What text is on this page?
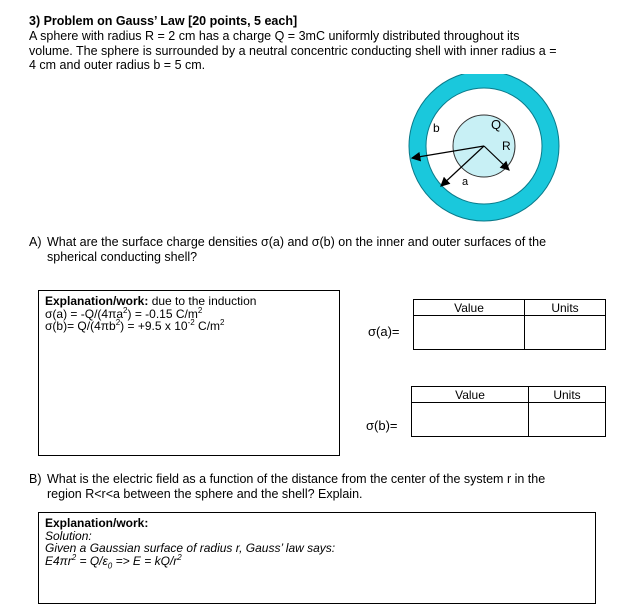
3) Problem on Gauss’ Law [20 points, 5 each]
A sphere with radius R = 2 cm has a charge Q = 3mC uniformly distributed throughout its
volume. The sphere is surrounded by a neutral concentric conducting shell with inner radius a =
4 cm and outer radius b = 5 cm.
b	Q
R
a
A) What are the surface charge densities σ(a) and σ(b) on the inner and outer surfaces of the
spherical conducting shell?
Explanation/work: due to the induction
$\sigma(a) = -Q/(4\pi a^2) = -0.15$ $C/m^2$
$\sigma(b)= Q/(4\pi b^2) = +9.5$ x $10^{-2}$ $C/m^2$
σ(a)=
Value	Units

σ(b)=
Value	Units

B) What is the electric field as a function of the distance from the center of the system r in the
region R<r<a between the sphere and the shell? Explain.
Explanation/work:
Solution:
Given a Gaussian surface of radius r, Gauss’ law says:
$E4\pi r^2 = Q/\varepsilon_0 => E = kQ/r^2$
